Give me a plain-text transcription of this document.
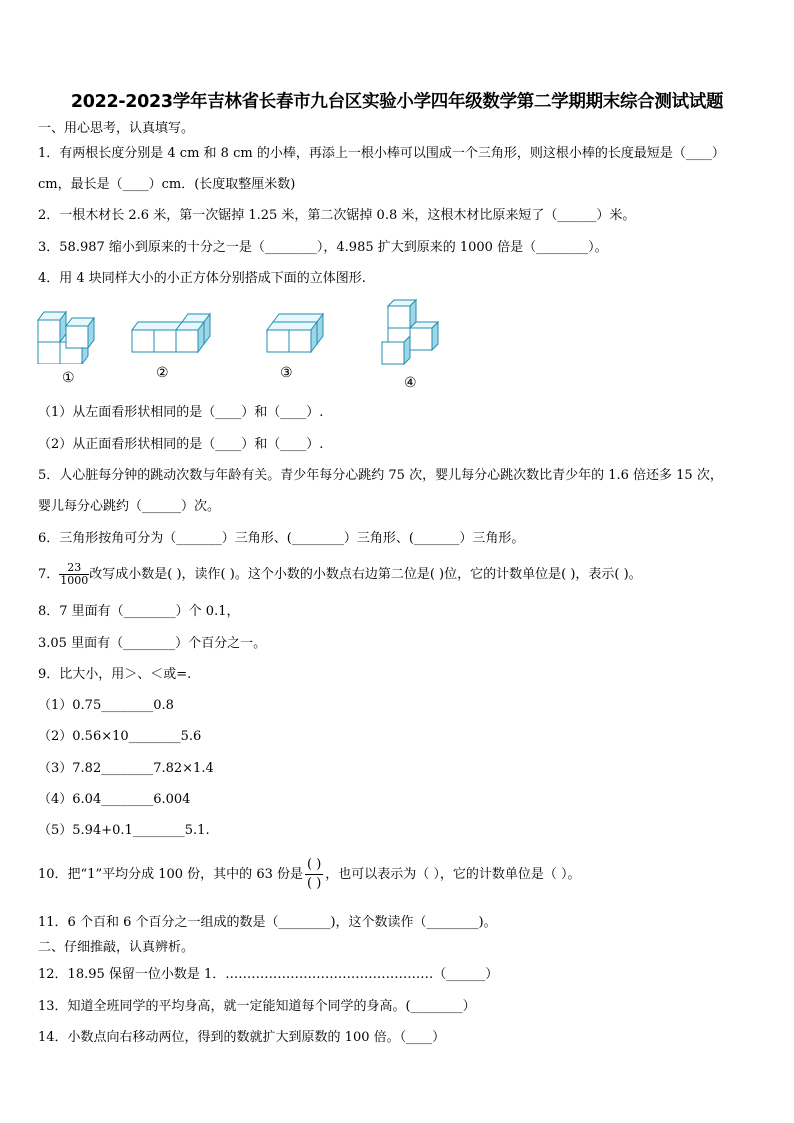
2022-2023学年吉林省长春市九台区实验小学四年级数学第二学期期末综合测试试题
一、用心思考，认真填写。
1．有两根长度分别是 4 cm 和 8 cm 的小棒，再添上一根小棒可以围成一个三角形，则这根小棒的长度最短是（____）
cm，最长是（____）cm．(长度取整厘米数)
2．一根木材长 2.6 米，第一次锯掉 1.25 米，第二次锯掉 0.8 米，这根木材比原来短了（______）米。
3．58.987 缩小到原来的十分之一是（________），4.985 扩大到原来的 1000 倍是（________）。
4．用 4 块同样大小的小正方体分别搭成下面的立体图形.
①	②	③
④
（1）从左面看形状相同的是（____）和（____）.
（2）从正面看形状相同的是（____）和（____）.
5．人心脏每分钟的跳动次数与年龄有关。青少年每分心跳约 75 次，婴儿每分心跳次数比青少年的 1.6 倍还多 15 次，
婴儿每分心跳约（______）次。
6．三角形按角可分为（_______）三角形、(________）三角形、(_______）三角形。
7． $\frac{23}{1000}$ 改写成小数是( )，读作( )。这个小数的小数点右边第二位是( )位，它的计数单位是( )，表示( )。
8．7 里面有（________）个 0.1，
3.05 里面有（________）个百分之一。
9．比大小，用＞、＜或=.
（1）0.75________0.8
（2）0.56×10________5.6
（3）7.82________7.82×1.4
（4）6.04________6.004
（5）5.94+0.1________5.1.
10．把“1”平均分成 100 份，其中的 63 份是
( )
( )
，也可以表示为（ ），它的计数单位是（ ）。
11．6 个百和 6 个百分之一组成的数是（________)，这个数读作（________)。
二、仔细推敲，认真辨析。
12．18.95 保留一位小数是 1．…………………………………………（______）
13．知道全班同学的平均身高，就一定能知道每个同学的身高。(________）
14．小数点向右移动两位，得到的数就扩大到原数的 100 倍。（____）
